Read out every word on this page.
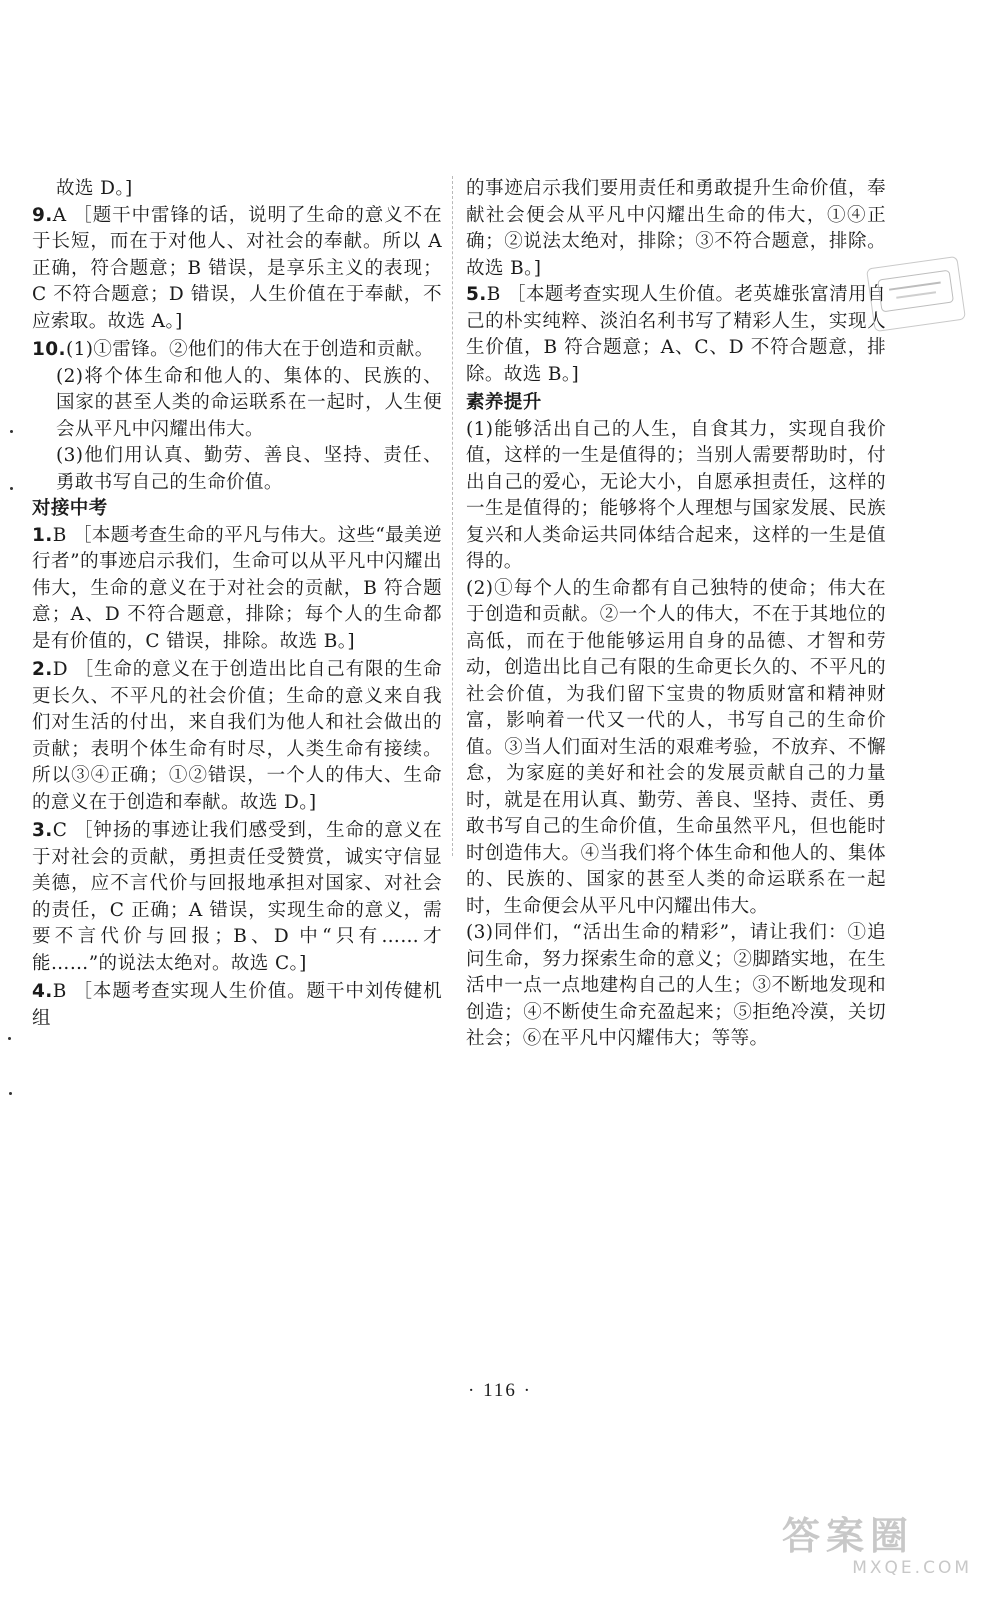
故选 D。]

9.A ［题干中雷锋的话，说明了生命的意义不在于长短，而在于对他人、对社会的奉献。所以 A 正确，符合题意；B 错误，是享乐主义的表现；C 不符合题意；D 错误，人生价值在于奉献，不应索取。故选 A。]

10.(1)①雷锋。②他们的伟大在于创造和贡献。

(2)将个体生命和他人的、集体的、民族的、国家的甚至人类的命运联系在一起时，人生便会从平凡中闪耀出伟大。

(3)他们用认真、勤劳、善良、坚持、责任、勇敢书写自己的生命价值。

对接中考

1.B ［本题考查生命的平凡与伟大。这些“最美逆行者”的事迹启示我们，生命可以从平凡中闪耀出伟大，生命的意义在于对社会的贡献，B 符合题意；A、D 不符合题意，排除；每个人的生命都是有价值的，C 错误，排除。故选 B。]

2.D ［生命的意义在于创造出比自己有限的生命更长久、不平凡的社会价值；生命的意义来自我们对生活的付出，来自我们为他人和社会做出的贡献；表明个体生命有时尽，人类生命有接续。所以③④正确；①②错误，一个人的伟大、生命的意义在于创造和奉献。故选 D。]

3.C ［钟扬的事迹让我们感受到，生命的意义在于对社会的贡献，勇担责任受赞赏，诚实守信显美德，应不言代价与回报地承担对国家、对社会的责任，C 正确；A 错误，实现生命的意义，需要不言代价与回报；B、D 中“只有……才能……”的说法太绝对。故选 C。]

4.B ［本题考查实现人生价值。题干中刘传健机组

的事迹启示我们要用责任和勇敢提升生命价值，奉献社会便会从平凡中闪耀出生命的伟大，①④正确；②说法太绝对，排除；③不符合题意，排除。故选 B。]

5.B ［本题考查实现人生价值。老英雄张富清用自己的朴实纯粹、淡泊名利书写了精彩人生，实现人生价值，B 符合题意；A、C、D 不符合题意，排除。故选 B。]

素养提升

(1)能够活出自己的人生，自食其力，实现自我价值，这样的一生是值得的；当别人需要帮助时，付出自己的爱心，无论大小，自愿承担责任，这样的一生是值得的；能够将个人理想与国家发展、民族复兴和人类命运共同体结合起来，这样的一生是值得的。

(2)①每个人的生命都有自己独特的使命；伟大在于创造和贡献。②一个人的伟大，不在于其地位的高低，而在于他能够运用自身的品德、才智和劳动，创造出比自己有限的生命更长久的、不平凡的社会价值，为我们留下宝贵的物质财富和精神财富，影响着一代又一代的人，书写自己的生命价值。③当人们面对生活的艰难考验，不放弃、不懈怠，为家庭的美好和社会的发展贡献自己的力量时，就是在用认真、勤劳、善良、坚持、责任、勇敢书写自己的生命价值，生命虽然平凡，但也能时时创造伟大。④当我们将个体生命和他人的、集体的、民族的、国家的甚至人类的命运联系在一起时，生命便会从平凡中闪耀出伟大。

(3)同伴们，“活出生命的精彩”，请让我们：①追问生命，努力探索生命的意义；②脚踏实地，在生活中一点一点地建构自己的人生；③不断地发现和创造；④不断使生命充盈起来；⑤拒绝冷漠，关切社会；⑥在平凡中闪耀伟大；等等。

· 116 ·
答案圈
MXQE.COM
